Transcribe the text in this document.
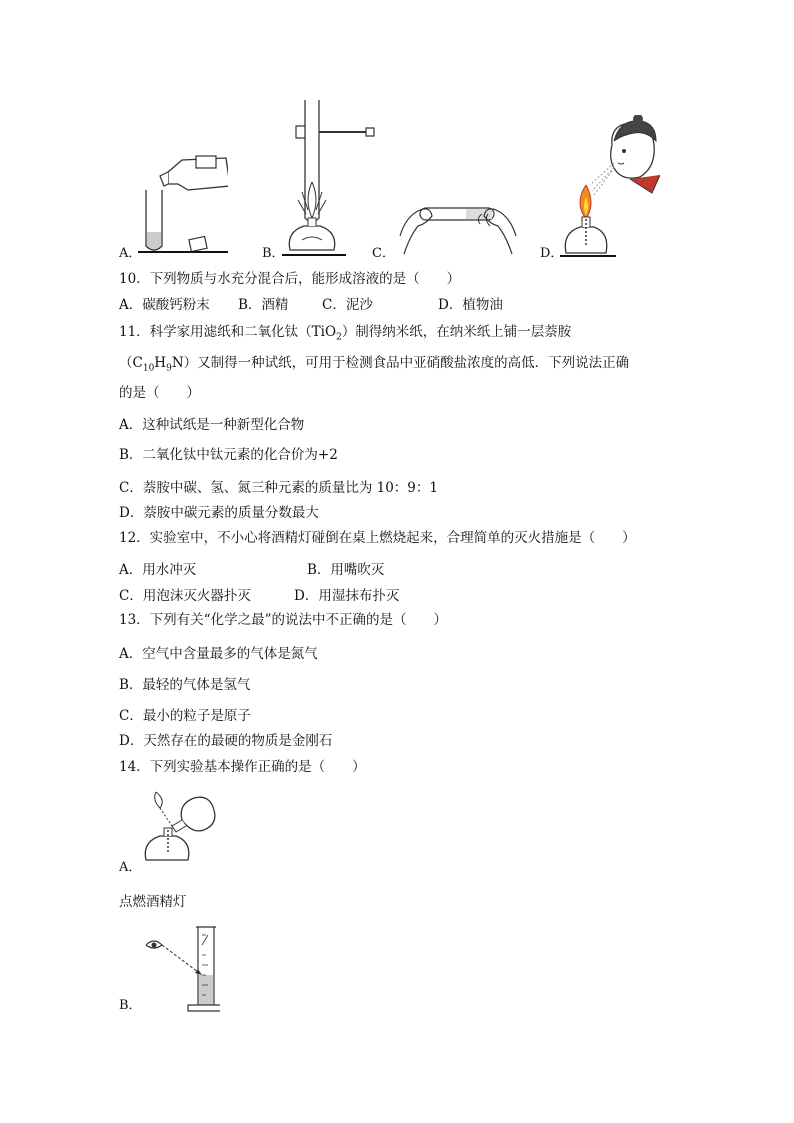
A．	B．	C．	D．
10．下列物质与水充分混合后，能形成溶液的是（　　）
A．碳酸钙粉末 B．酒精 C．泥沙	D．植物油
11．科学家用滤纸和二氧化钛（TiO$_2$）制得纳米纸，在纳米纸上铺一层萘胺
$(C_{10}H_9N)$又制得一种试纸，可用于检测食品中亚硝酸盐浓度的高低．下列说法正确
的是（　　）
A．这种试纸是一种新型化合物
B．二氧化钛中钛元素的化合价为+2
C．萘胺中碳、氢、氮三种元素的质量比为 10：9：1
D．萘胺中碳元素的质量分数最大
12．实验室中，不小心将酒精灯碰倒在桌上燃烧起来，合理简单的灭火措施是（　　）
A．用水冲灭	B．用嘴吹灭
C．用泡沫灭火器扑灭	D．用湿抹布扑灭
13．下列有关“化学之最”的说法中不正确的是（　　）
A．空气中含量最多的气体是氮气
B．最轻的气体是氢气
C．最小的粒子是原子
D．天然存在的最硬的物质是金刚石
14．下列实验基本操作正确的是（　　）
A．
点燃酒精灯
B．
